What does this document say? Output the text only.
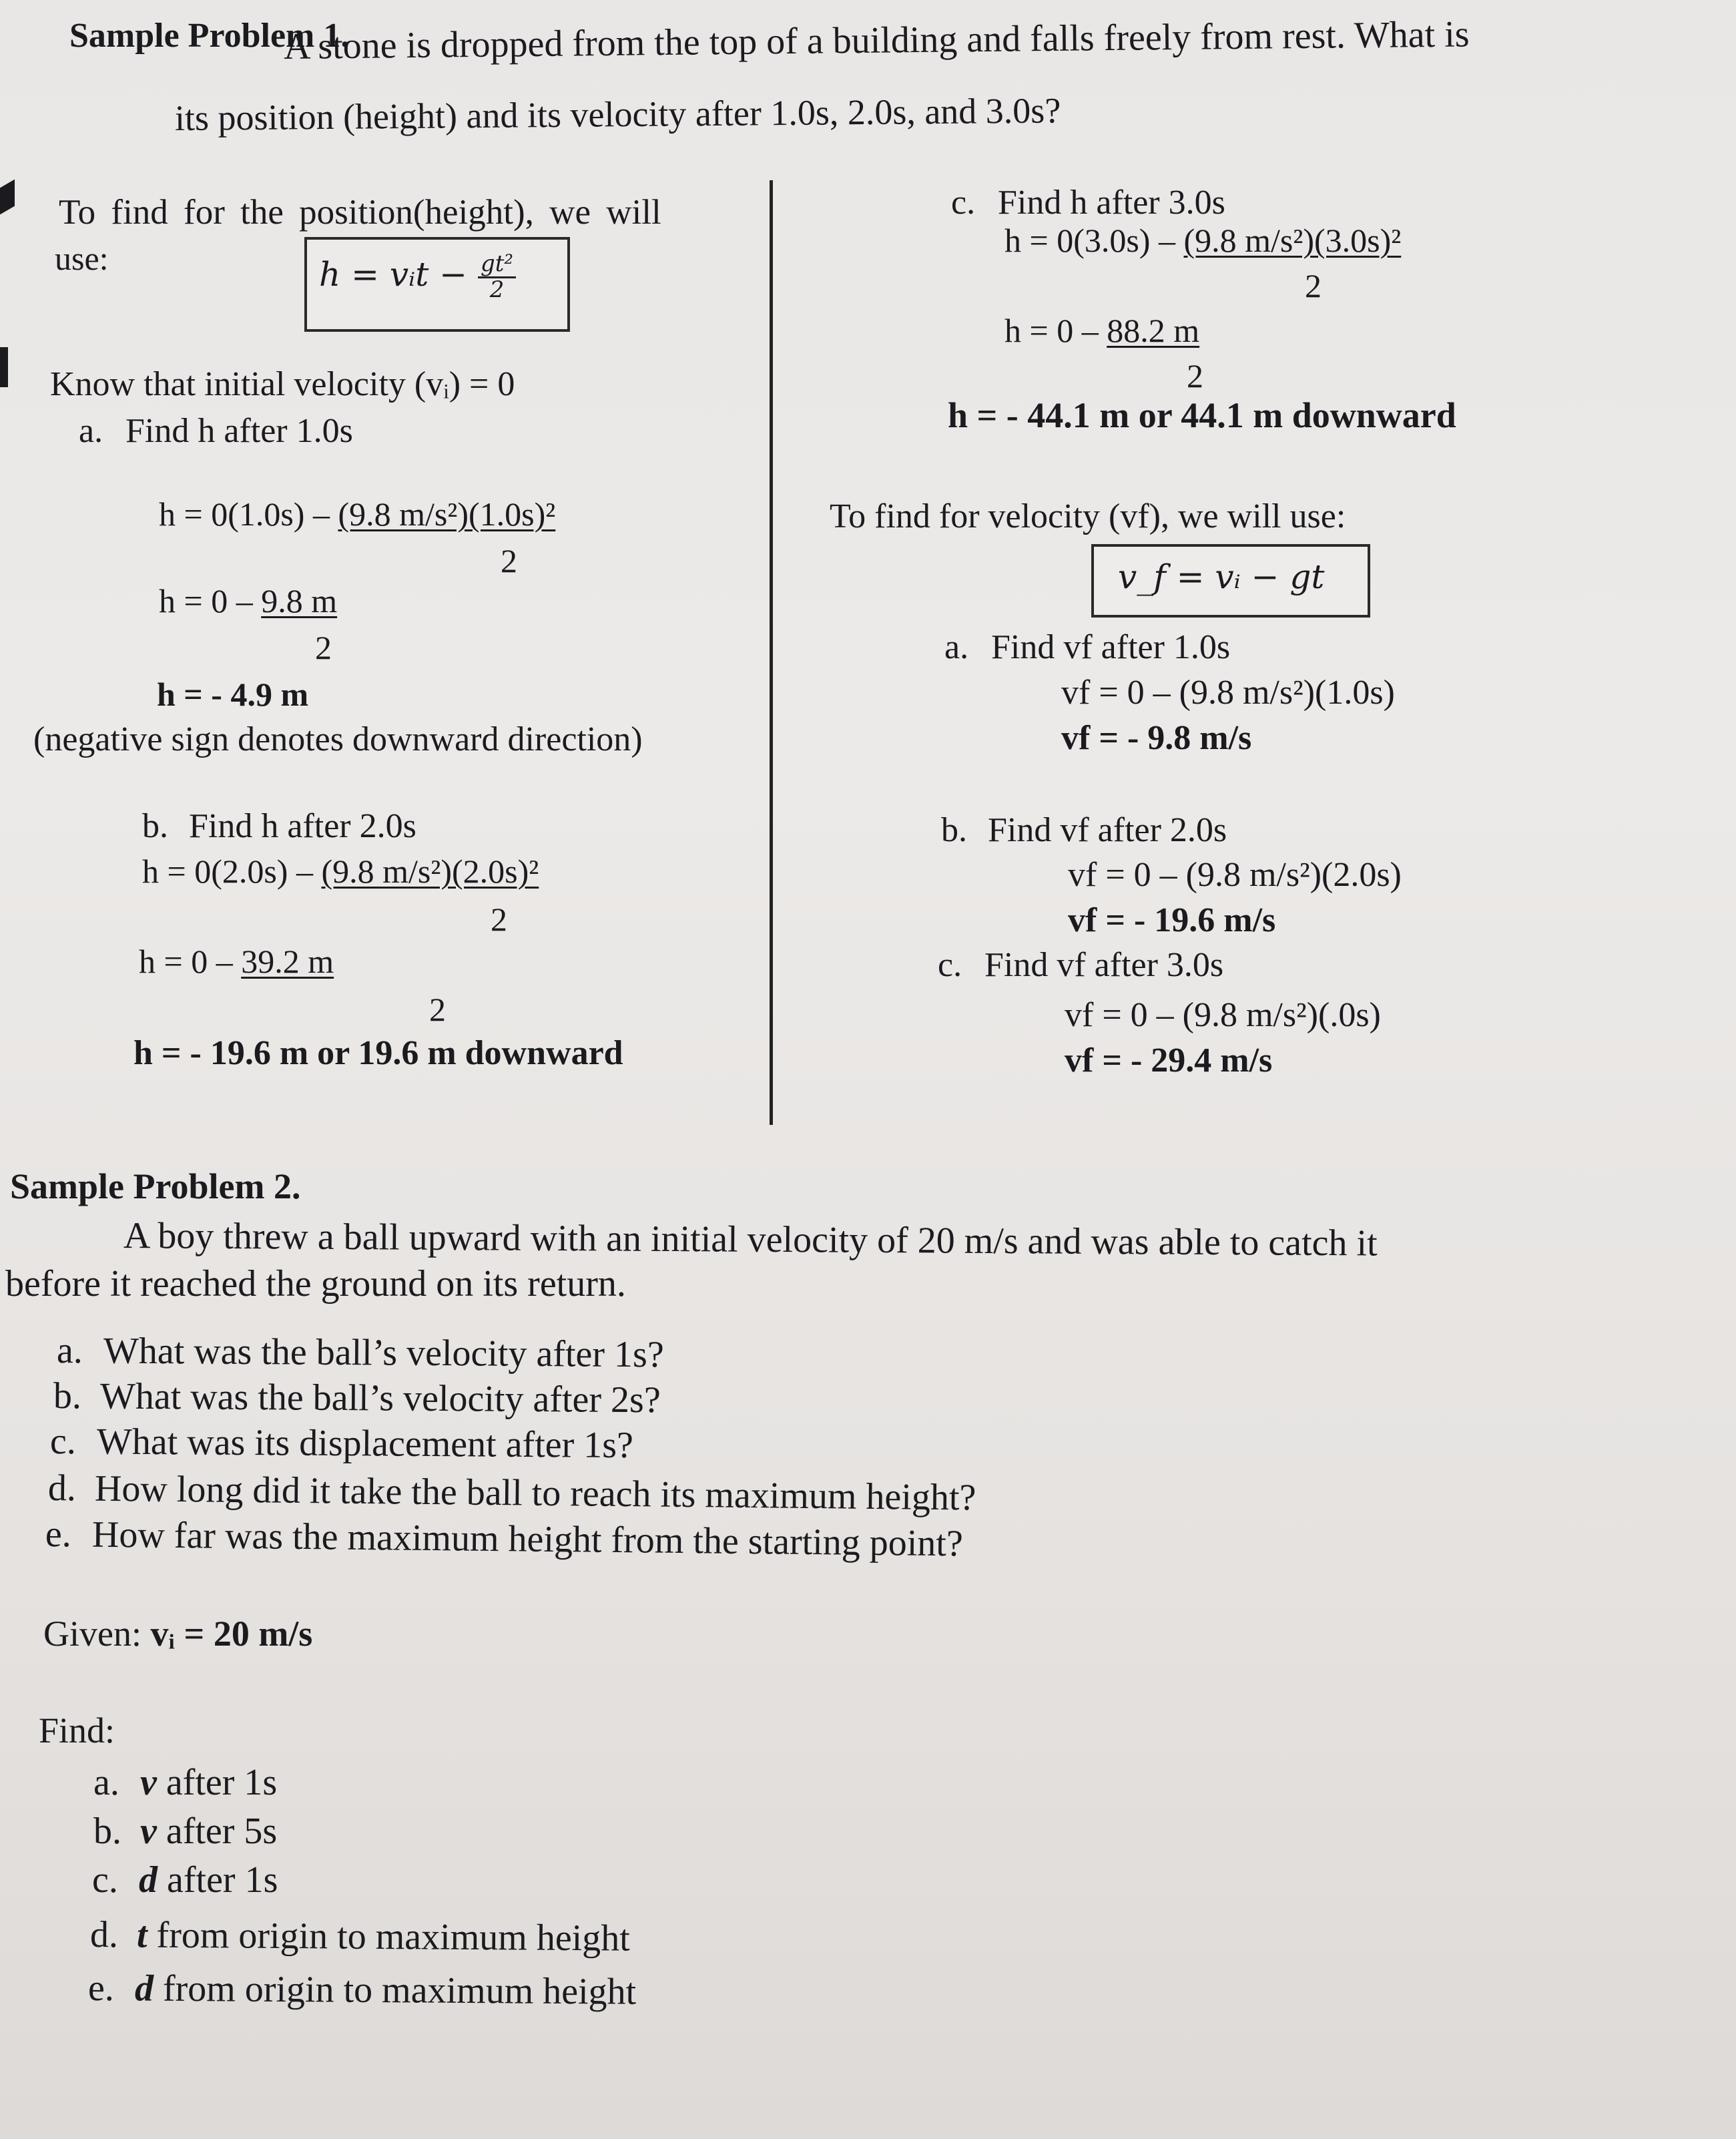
Sample Problem 1.
A stone is dropped from the top of a building and falls freely from rest. What is
its position (height) and its velocity after 1.0s, 2.0s, and 3.0s?
To find for the position(height), we will
use:	h = vᵢt − $\frac{\text{gt²}}{2}$
Know that initial velocity (vᵢ) = 0
a. Find h after 1.0s
h = 0(1.0s) – (9.8 m/s²)(1.0s)²
2
h = 0 – 9.8 m
2
h = - 4.9 m
(negative sign denotes downward direction)
b. Find h after 2.0s
h = 0(2.0s) – (9.8 m/s²)(2.0s)²
2
h = 0 – 39.2 m
2
h = - 19.6 m or 19.6 m downward
c. Find h after 3.0s
h = 0(3.0s) – (9.8 m/s²)(3.0s)²
2
h = 0 – 88.2 m
2
h = - 44.1 m or 44.1 m downward
To find for velocity (vf), we will use:
v_f = vᵢ − gt
a. Find vf after 1.0s
vf = 0 – (9.8 m/s²)(1.0s)
vf = - 9.8 m/s
b. Find vf after 2.0s
vf = 0 – (9.8 m/s²)(2.0s)
vf = - 19.6 m/s
c. Find vf after 3.0s
vf = 0 – (9.8 m/s²)(.0s)
vf = - 29.4 m/s
Sample Problem 2.
A boy threw a ball upward with an initial velocity of 20 m/s and was able to catch it
before it reached the ground on its return.
a. What was the ball’s velocity after 1s?
b. What was the ball’s velocity after 2s?
c. What was its displacement after 1s?
d. How long did it take the ball to reach its maximum height?
e. How far was the maximum height from the starting point?
Given: vᵢ = 20 m/s
Find:
a. v after 1s
b. v after 5s
c. d after 1s
d. t from origin to maximum height
e. d from origin to maximum height
